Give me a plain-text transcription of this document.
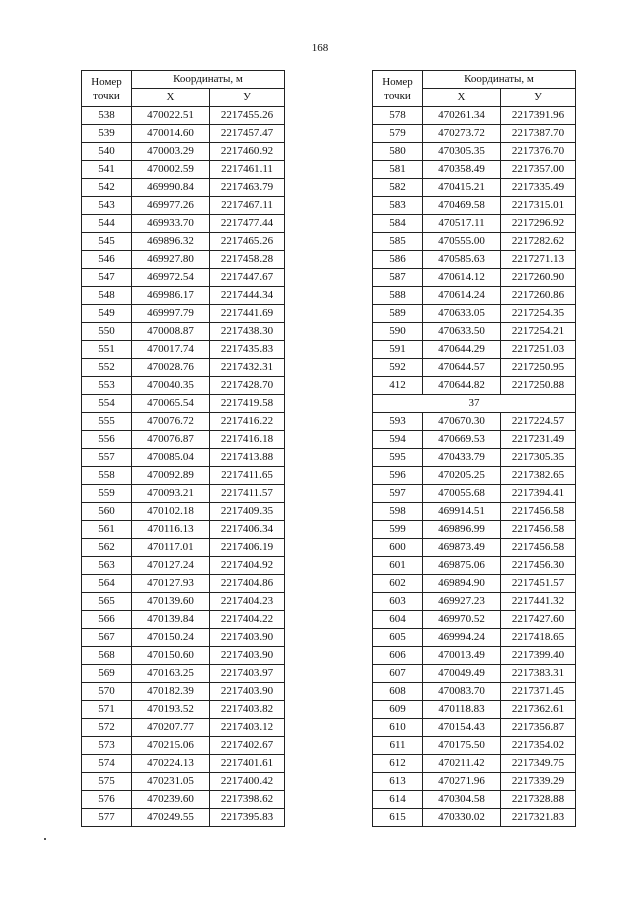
168
Номер
точки	Координаты, м	
	X	У
538	470022.51	2217455.26
539	470014.60	2217457.47
540	470003.29	2217460.92
541	470002.59	2217461.11
542	469990.84	2217463.79
543	469977.26	2217467.11
544	469933.70	2217477.44
545	469896.32	2217465.26
546	469927.80	2217458.28
547	469972.54	2217447.67
548	469986.17	2217444.34
549	469997.79	2217441.69
550	470008.87	2217438.30
551	470017.74	2217435.83
552	470028.76	2217432.31
553	470040.35	2217428.70
554	470065.54	2217419.58
555	470076.72	2217416.22
556	470076.87	2217416.18
557	470085.04	2217413.88
558	470092.89	2217411.65
559	470093.21	2217411.57
560	470102.18	2217409.35
561	470116.13	2217406.34
562	470117.01	2217406.19
563	470127.24	2217404.92
564	470127.93	2217404.86
565	470139.60	2217404.23
566	470139.84	2217404.22
567	470150.24	2217403.90
568	470150.60	2217403.90
569	470163.25	2217403.97
570	470182.39	2217403.90
571	470193.52	2217403.82
572	470207.77	2217403.12
573	470215.06	2217402.67
574	470224.13	2217401.61
575	470231.05	2217400.42
576	470239.60	2217398.62
577	470249.55	2217395.83
Номер
точки	Координаты, м	
	X	У
578	470261.34	2217391.96
579	470273.72	2217387.70
580	470305.35	2217376.70
581	470358.49	2217357.00
582	470415.21	2217335.49
583	470469.58	2217315.01
584	470517.11	2217296.92
585	470555.00	2217282.62
586	470585.63	2217271.13
587	470614.12	2217260.90
588	470614.24	2217260.86
589	470633.05	2217254.35
590	470633.50	2217254.21
591	470644.29	2217251.03
592	470644.57	2217250.95
412	470644.82	2217250.88
37		
593	470670.30	2217224.57
594	470669.53	2217231.49
595	470433.79	2217305.35
596	470205.25	2217382.65
597	470055.68	2217394.41
598	469914.51	2217456.58
599	469896.99	2217456.58
600	469873.49	2217456.58
601	469875.06	2217456.30
602	469894.90	2217451.57
603	469927.23	2217441.32
604	469970.52	2217427.60
605	469994.24	2217418.65
606	470013.49	2217399.40
607	470049.49	2217383.31
608	470083.70	2217371.45
609	470118.83	2217362.61
610	470154.43	2217356.87
611	470175.50	2217354.02
612	470211.42	2217349.75
613	470271.96	2217339.29
614	470304.58	2217328.88
615	470330.02	2217321.83
